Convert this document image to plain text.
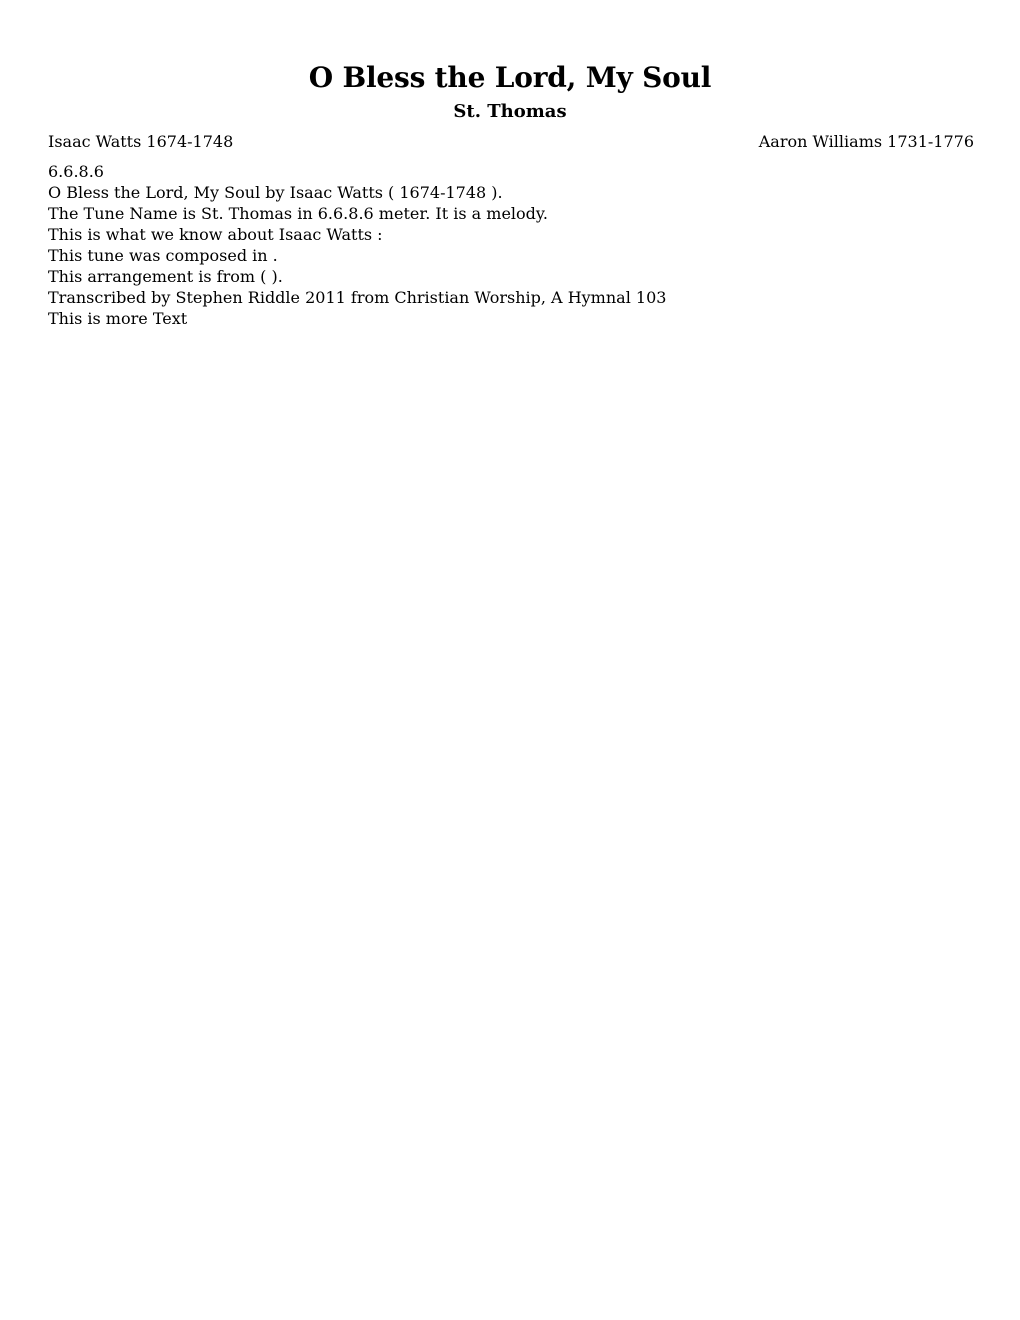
O Bless the Lord, My Soul
St. Thomas
Isaac Watts 1674-1748	Aaron Williams 1731-1776
6.6.8.6
O Bless the Lord, My Soul by Isaac Watts ( 1674-1748 ).
The Tune Name is St. Thomas in 6.6.8.6 meter. It is a melody.
This is what we know about Isaac Watts :
This tune was composed in .
This arrangement is from ( ).
Transcribed by Stephen Riddle 2011 from Christian Worship, A Hymnal 103
This is more Text
